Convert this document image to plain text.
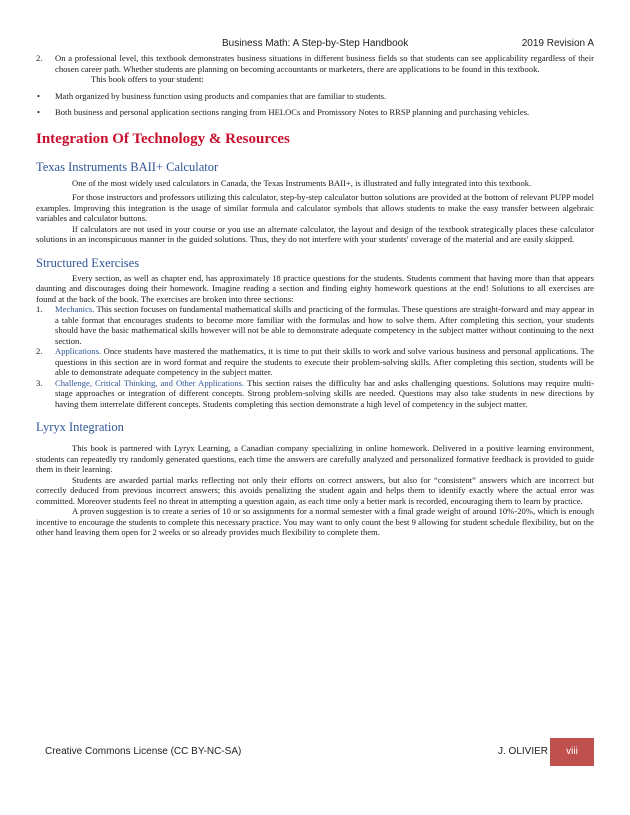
Business Math: A Step-by-Step Handbook	2019 Revision A
2. On a professional level, this textbook demonstrates business situations in different business fields so that students can see applicability regardless of their chosen career path. Whether students are planning on becoming accountants or marketers, there are applications to be found in this textbook.

This book offers to your student:

• Math organized by business function using products and companies that are familiar to students.
• Both business and personal application sections ranging from HELOCs and Promissory Notes to RRSP planning and purchasing vehicles.
Integration Of Technology & Resources
Texas Instruments BAII+ Calculator

One of the most widely used calculators in Canada, the Texas Instruments BAII+, is illustrated and fully integrated into this textbook.

For those instructors and professors utilizing this calculator, step-by-step calculator button solutions are provided at the bottom of relevant PUPP model examples. Improving this integration is the usage of similar formula and calculator symbols that allows students to make the easy transfer between algebraic variables and calculator buttons.

If calculators are not used in your course or you use an alternate calculator, the layout and design of the textbook strategically places these calculator solutions in an inconspicuous manner in the guided solutions. Thus, they do not interfere with your students' coverage of the material and are easily skipped.

Structured Exercises

Every section, as well as chapter end, has approximately 18 practice questions for the students. Students comment that having more than that appears daunting and discourages doing their homework. Imagine reading a section and finding eighty homework questions at the end! Solutions to all exercises are found at the back of the book. The exercises are broken into three sections:

1. Mechanics. This section focuses on fundamental mathematical skills and practicing of the formulas. These questions are straight-forward and may appear in a table format that encourages students to become more familiar with the formulas and how to solve them. After completing this section, your students should have the basic mathematical skills however will not be able to demonstrate adequate competency in the subject matter without continuing to the next section.
2. Applications. Once students have mastered the mathematics, it is time to put their skills to work and solve various business and personal applications. The questions in this section are in word format and require the students to execute their problem-solving skills. After completing this section, students will be able to demonstrate adequate competency in the subject matter.
3. Challenge, Critical Thinking, and Other Applications. This section raises the difficulty bar and asks challenging questions. Solutions may require multi-stage approaches or integration of different concepts. Strong problem-solving skills are needed. Questions may also take students in new directions by having them interrelate different concepts. Students completing this section demonstrate a high level of competency in the subject matter.
Lyryx Integration

This book is partnered with Lyryx Learning, a Canadian company specializing in online homework. Delivered in a positive learning environment, students can repeatedly try randomly generated questions, each time the answers are carefully analyzed and personalized formative feedback is provided to guide them in their learning.

Students are awarded partial marks reflecting not only their efforts on correct answers, but also for “consistent” answers which are incorrect but correctly deduced from previous incorrect answers; this avoids penalizing the student again and helps them to identify exactly where the actual error was committed. Moreover students feel no threat in attempting a question again, as each time only a better mark is recorded, encouraging them to learn by practice.

A proven suggestion is to create a series of 10 or so assignments for a normal semester with a final grade weight of around 10%-20%, which is enough incentive to encourage the students to complete this necessary practice. You may want to only count the best 9 allowing for student schedule flexibility, but on the other hand leaving them open for 2 weeks or so already provides much flexibility to complete them.

Creative Commons License (CC BY-NC-SA)	J. OLIVIER	viii
